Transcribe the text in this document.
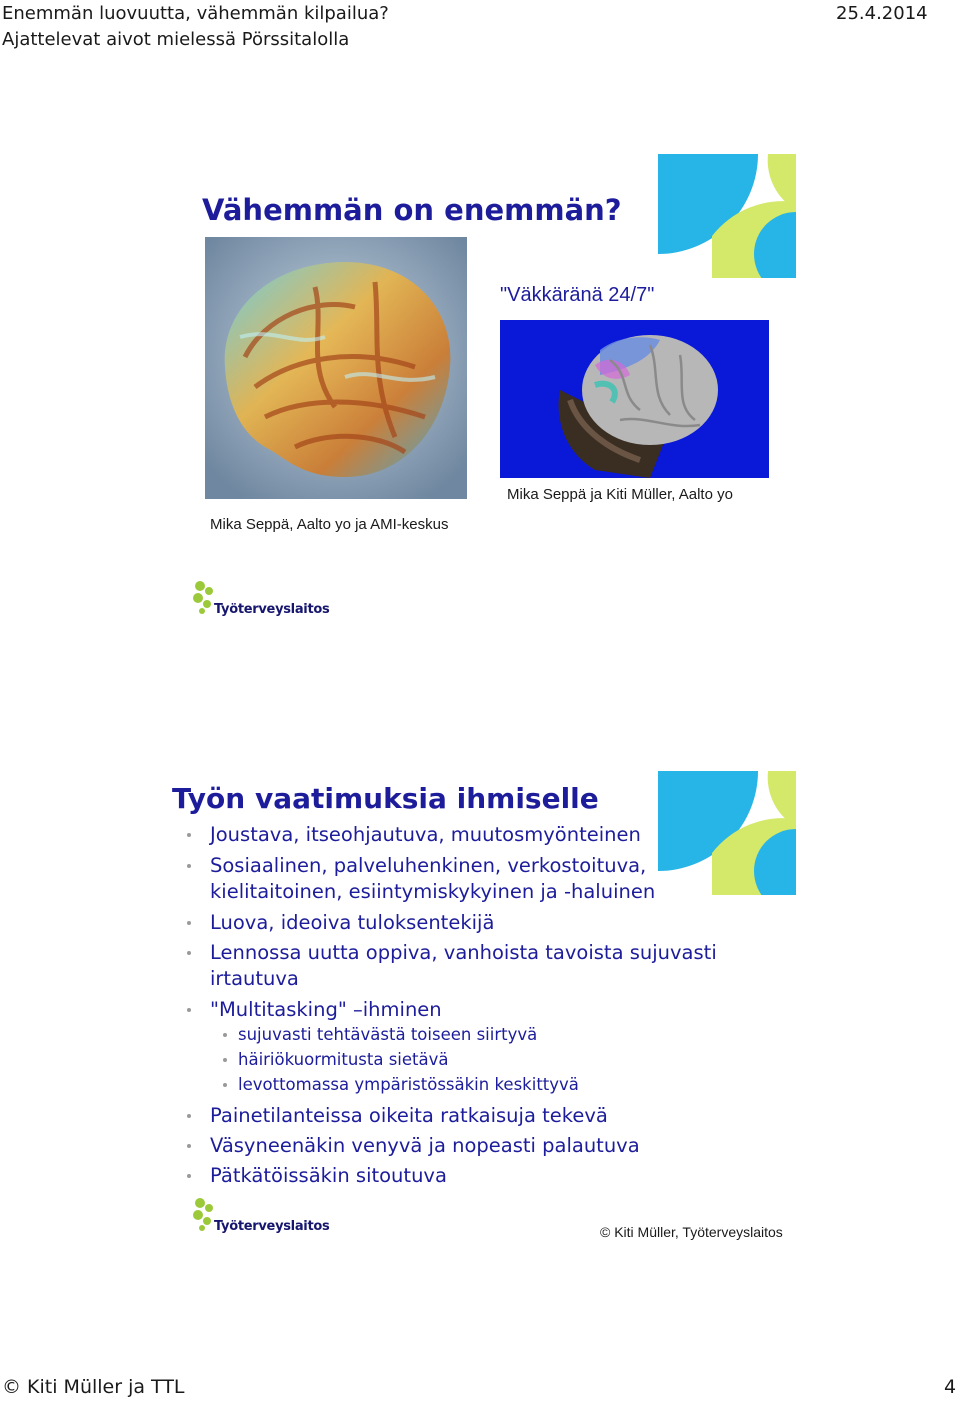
Enemmän luovuutta, vähemmän kilpailua?
Ajattelevat aivot mielessä Pörssitalolla
25.4.2014
Vähemmän on enemmän?
"Väkkäränä 24/7"
Mika Seppä ja Kiti Müller, Aalto yo
Mika Seppä, Aalto yo ja AMI-keskus
Työterveyslaitos
Työn vaatimuksia ihmiselle
Joustava, itseohjautuva, muutosmyönteinen
Sosiaalinen, palveluhenkinen, verkostoituva,
kielitaitoinen, esiintymiskykyinen ja -haluinen
Luova, ideoiva tuloksentekijä
Lennossa uutta oppiva, vanhoista tavoista sujuvasti
irtautuva
"Multitasking" –ihminen
sujuvasti tehtävästä toiseen siirtyvä
häiriökuormitusta sietävä
levottomassa ympäristössäkin keskittyvä
Painetilanteissa oikeita ratkaisuja tekevä
Väsyneenäkin venyvä ja nopeasti palautuva
Pätkätöissäkin sitoutuva
Työterveyslaitos	© Kiti Müller, Työterveyslaitos
© Kiti Müller ja TTL	4
